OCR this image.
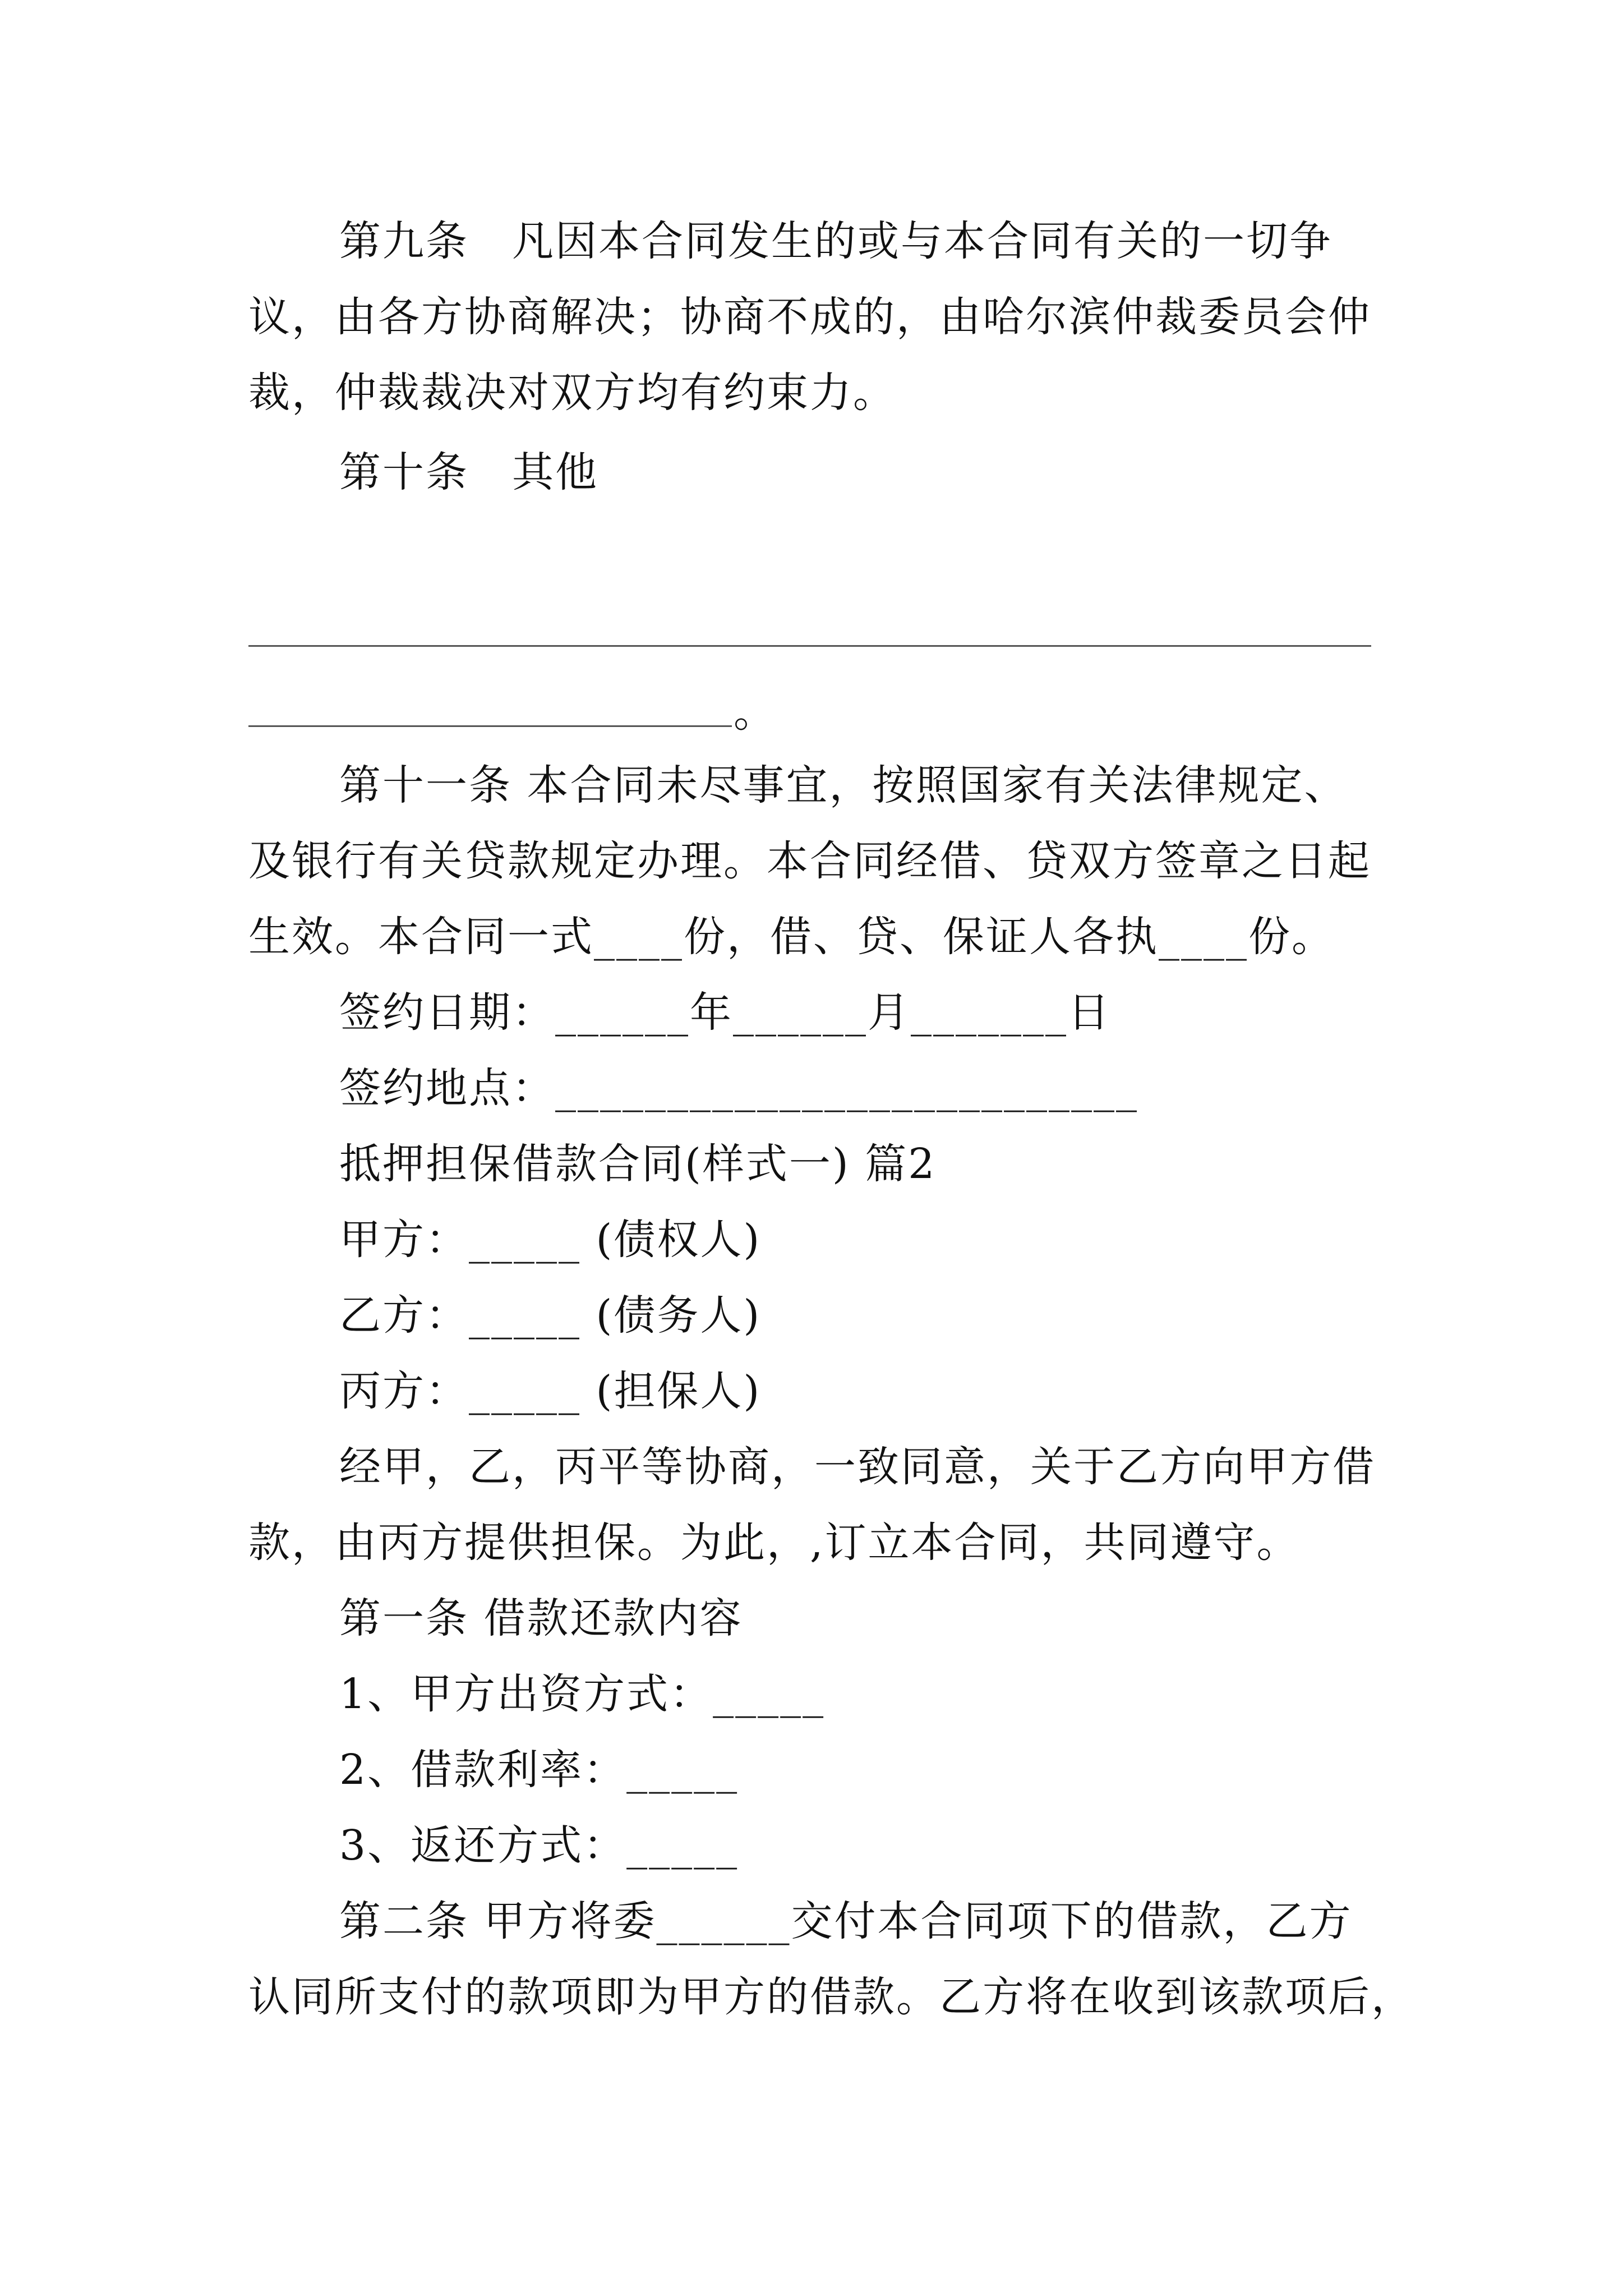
第九条　凡因本合同发生的或与本合同有关的一切争
议，由各方协商解决；协商不成的，由哈尔滨仲裁委员会仲
裁，仲裁裁决对双方均有约束力。
第十条　其他
。
第十一条 本合同未尽事宜，按照国家有关法律规定、
及银行有关贷款规定办理。本合同经借、贷双方签章之日起
生效。本合同一式____份，借、贷、保证人各执____份。
签约日期：______年______月_______日
签约地点：__________________________
抵押担保借款合同(样式一) 篇2
甲方：_____ (债权人)
乙方：_____ (债务人)
丙方：_____ (担保人)
经甲，乙，丙平等协商，一致同意，关于乙方向甲方借
款，由丙方提供担保。为此，,订立本合同，共同遵守。
第一条 借款还款内容
1、甲方出资方式：_____
2、借款利率：_____
3、返还方式：_____
第二条 甲方将委______交付本合同项下的借款，乙方
认同所支付的款项即为甲方的借款。乙方将在收到该款项后，
